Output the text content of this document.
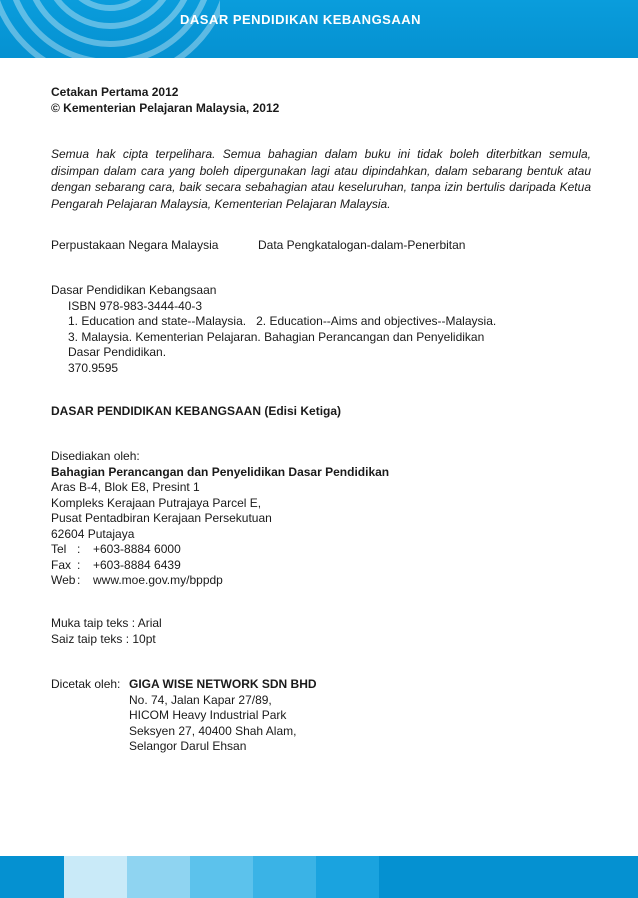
DASAR PENDIDIKAN KEBANGSAAN
Cetakan Pertama 2012
© Kementerian Pelajaran Malaysia, 2012
Semua hak cipta terpelihara. Semua bahagian dalam buku ini tidak boleh diterbitkan semula, disimpan dalam cara yang boleh dipergunakan lagi atau dipindahkan, dalam sebarang bentuk atau dengan sebarang cara, baik secara sebahagian atau keseluruhan, tanpa izin bertulis daripada Ketua Pengarah Pelajaran Malaysia, Kementerian Pelajaran Malaysia.
Perpustakaan Negara Malaysia	Data Pengkatalogan-dalam-Penerbitan
Dasar Pendidikan Kebangsaan
ISBN 978-983-3444-40-3
1. Education and state--Malaysia.   2. Education--Aims and objectives--Malaysia.
3. Malaysia. Kementerian Pelajaran. Bahagian Perancangan dan Penyelidikan
Dasar Pendidikan.
370.9595
DASAR PENDIDIKAN KEBANGSAAN (Edisi Ketiga)
Disediakan oleh:
Bahagian Perancangan dan Penyelidikan Dasar Pendidikan
Aras B-4, Blok E8, Presint 1
Kompleks Kerajaan Putrajaya Parcel E,
Pusat Pentadbiran Kerajaan Persekutuan
62604 Putajaya
Tel :	+603-8884 6000
Fax :	+603-8884 6439
Web :	www.moe.gov.my/bppdp
Muka taip teks : Arial
Saiz taip teks : 10pt
Dicetak oleh: GIGA WISE NETWORK SDN BHD
No. 74, Jalan Kapar 27/89,
HICOM Heavy Industrial Park
Seksyen 27, 40400 Shah Alam,
Selangor Darul Ehsan
